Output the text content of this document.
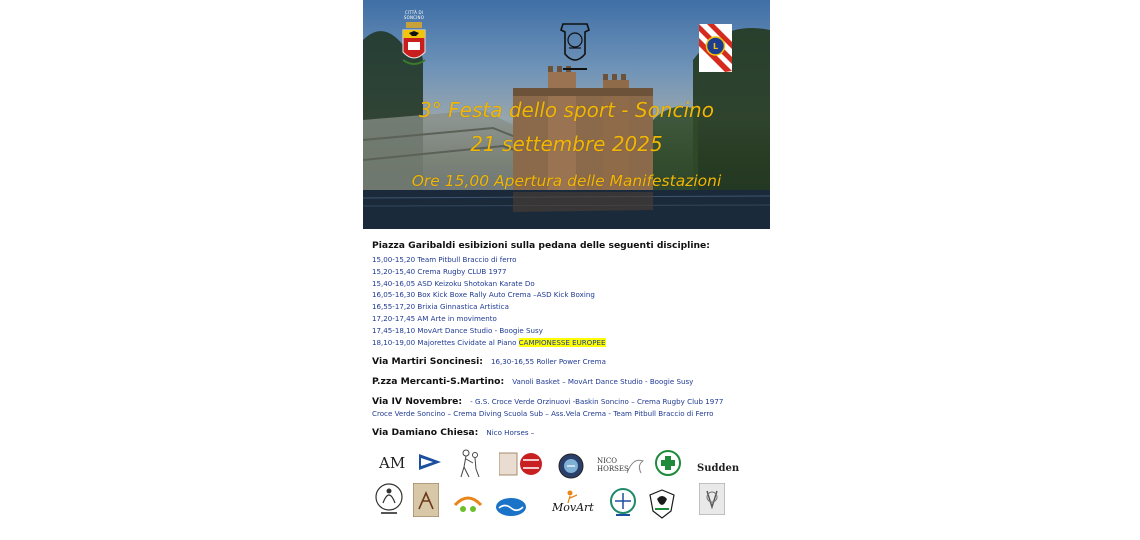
CITTÀ DI SONCINO
L
3° Festa dello sport - Soncino
21 settembre 2025
Ore 15,00 Apertura delle Manifestazioni
Piazza Garibaldi esibizioni sulla pedana delle seguenti discipline:
15,00-15,20 Team Pitbull Braccio di ferro
15,20-15,40 Crema Rugby CLUB 1977
15,40-16,05 ASD Keizoku Shotokan Karate Do
16,05-16,30 Box Kick Boxe Rally Auto Crema –ASD Kick Boxing
16,55-17,20 Brixia Ginnastica Artistica
17,20-17,45 AM Arte in movimento
17,45-18,10 MovArt Dance Studio - Boogie Susy
18,10-19,00 Majorettes Cividate al Piano CAMPIONESSE EUROPEE
Via Martiri Soncinesi: 16,30-16,55 Roller Power Crema
P.zza Mercanti-S.Martino: Vanoli Basket – MovArt Dance Studio - Boogie Susy
Via IV Novembre: - G.S. Croce Verde Orzinuovi -Baskin Soncino – Crema Rugby Club 1977
Croce Verde Soncino – Crema Diving Scuola Sub – Ass.Vela Crema - Team Pitbull Braccio di Ferro
Via Damiano Chiesa: Nico Horses –
AM	NICO HORSES	Sudden
MovArt
